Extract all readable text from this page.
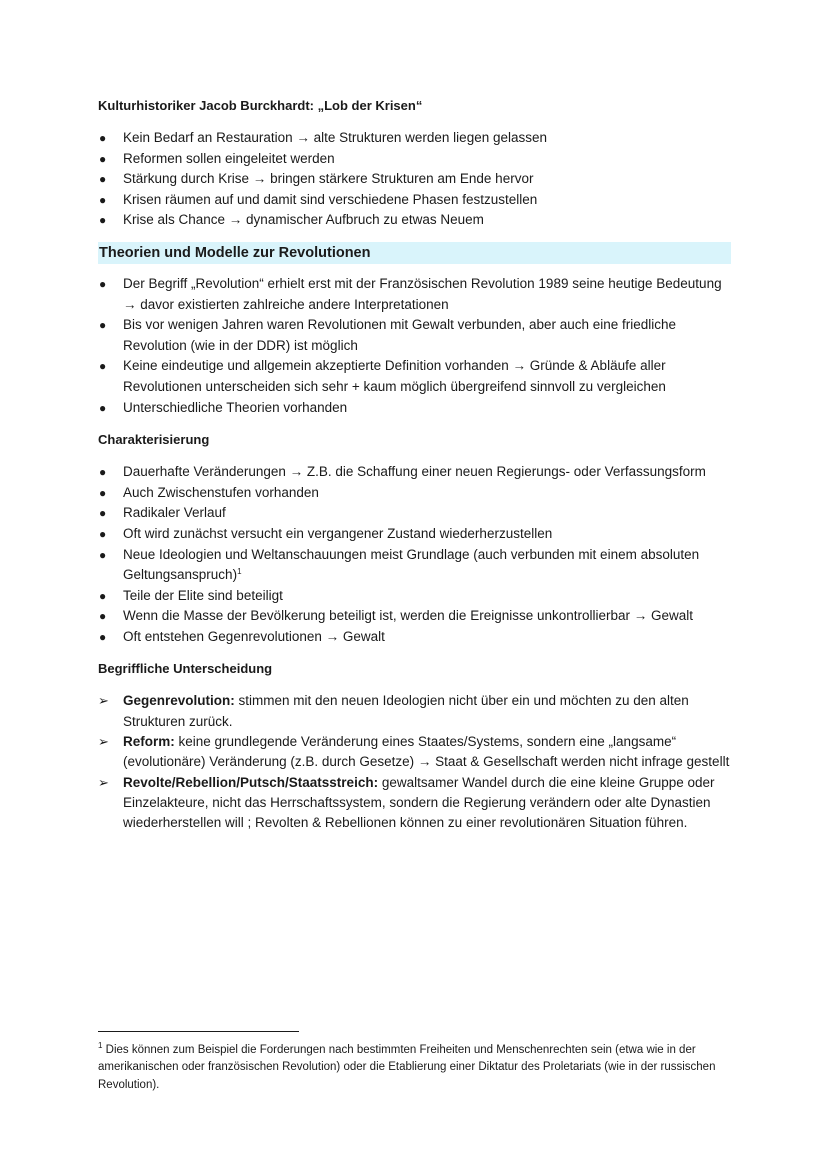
Kulturhistoriker Jacob Burckhardt: „Lob der Krisen“

● Kein Bedarf an Restauration → alte Strukturen werden liegen gelassen
● Reformen sollen eingeleitet werden
● Stärkung durch Krise → bringen stärkere Strukturen am Ende hervor
● Krisen räumen auf und damit sind verschiedene Phasen festzustellen
● Krise als Chance → dynamischer Aufbruch zu etwas Neuem

Theorien und Modelle zur Revolutionen

● Der Begriff „Revolution“ erhielt erst mit der Französischen Revolution 1989 seine heutige Bedeutung → davor existierten zahlreiche andere Interpretationen
● Bis vor wenigen Jahren waren Revolutionen mit Gewalt verbunden, aber auch eine friedliche Revolution (wie in der DDR) ist möglich
● Keine eindeutige und allgemein akzeptierte Definition vorhanden → Gründe & Abläufe aller Revolutionen unterscheiden sich sehr + kaum möglich übergreifend sinnvoll zu vergleichen
● Unterschiedliche Theorien vorhanden

Charakterisierung

● Dauerhafte Veränderungen → Z.B. die Schaffung einer neuen Regierungs- oder Verfassungsform
● Auch Zwischenstufen vorhanden
● Radikaler Verlauf
● Oft wird zunächst versucht ein vergangener Zustand wiederherzustellen
● Neue Ideologien und Weltanschauungen meist Grundlage (auch verbunden mit einem absoluten Geltungsanspruch)$^1$
● Teile der Elite sind beteiligt
● Wenn die Masse der Bevölkerung beteiligt ist, werden die Ereignisse unkontrollierbar → Gewalt
● Oft entstehen Gegenrevolutionen → Gewalt

Begriffliche Unterscheidung

➢ Gegenrevolution: stimmen mit den neuen Ideologien nicht über ein und möchten zu den alten Strukturen zurück.
➢ Reform: keine grundlegende Veränderung eines Staates/Systems, sondern eine „langsame“ (evolutionäre) Veränderung (z.B. durch Gesetze) → Staat & Gesellschaft werden nicht infrage gestellt
➢ Revolte/Rebellion/Putsch/Staatsstreich: gewaltsamer Wandel durch die eine kleine Gruppe oder Einzelakteure, nicht das Herrschaftssystem, sondern die Regierung verändern oder alte Dynastien wiederherstellen will ; Revolten & Rebellionen können zu einer revolutionären Situation führen.
$^1$ Dies können zum Beispiel die Forderungen nach bestimmten Freiheiten und Menschenrechten sein (etwa wie in der amerikanischen oder französischen Revolution) oder die Etablierung einer Diktatur des Proletariats (wie in der russischen Revolution).
